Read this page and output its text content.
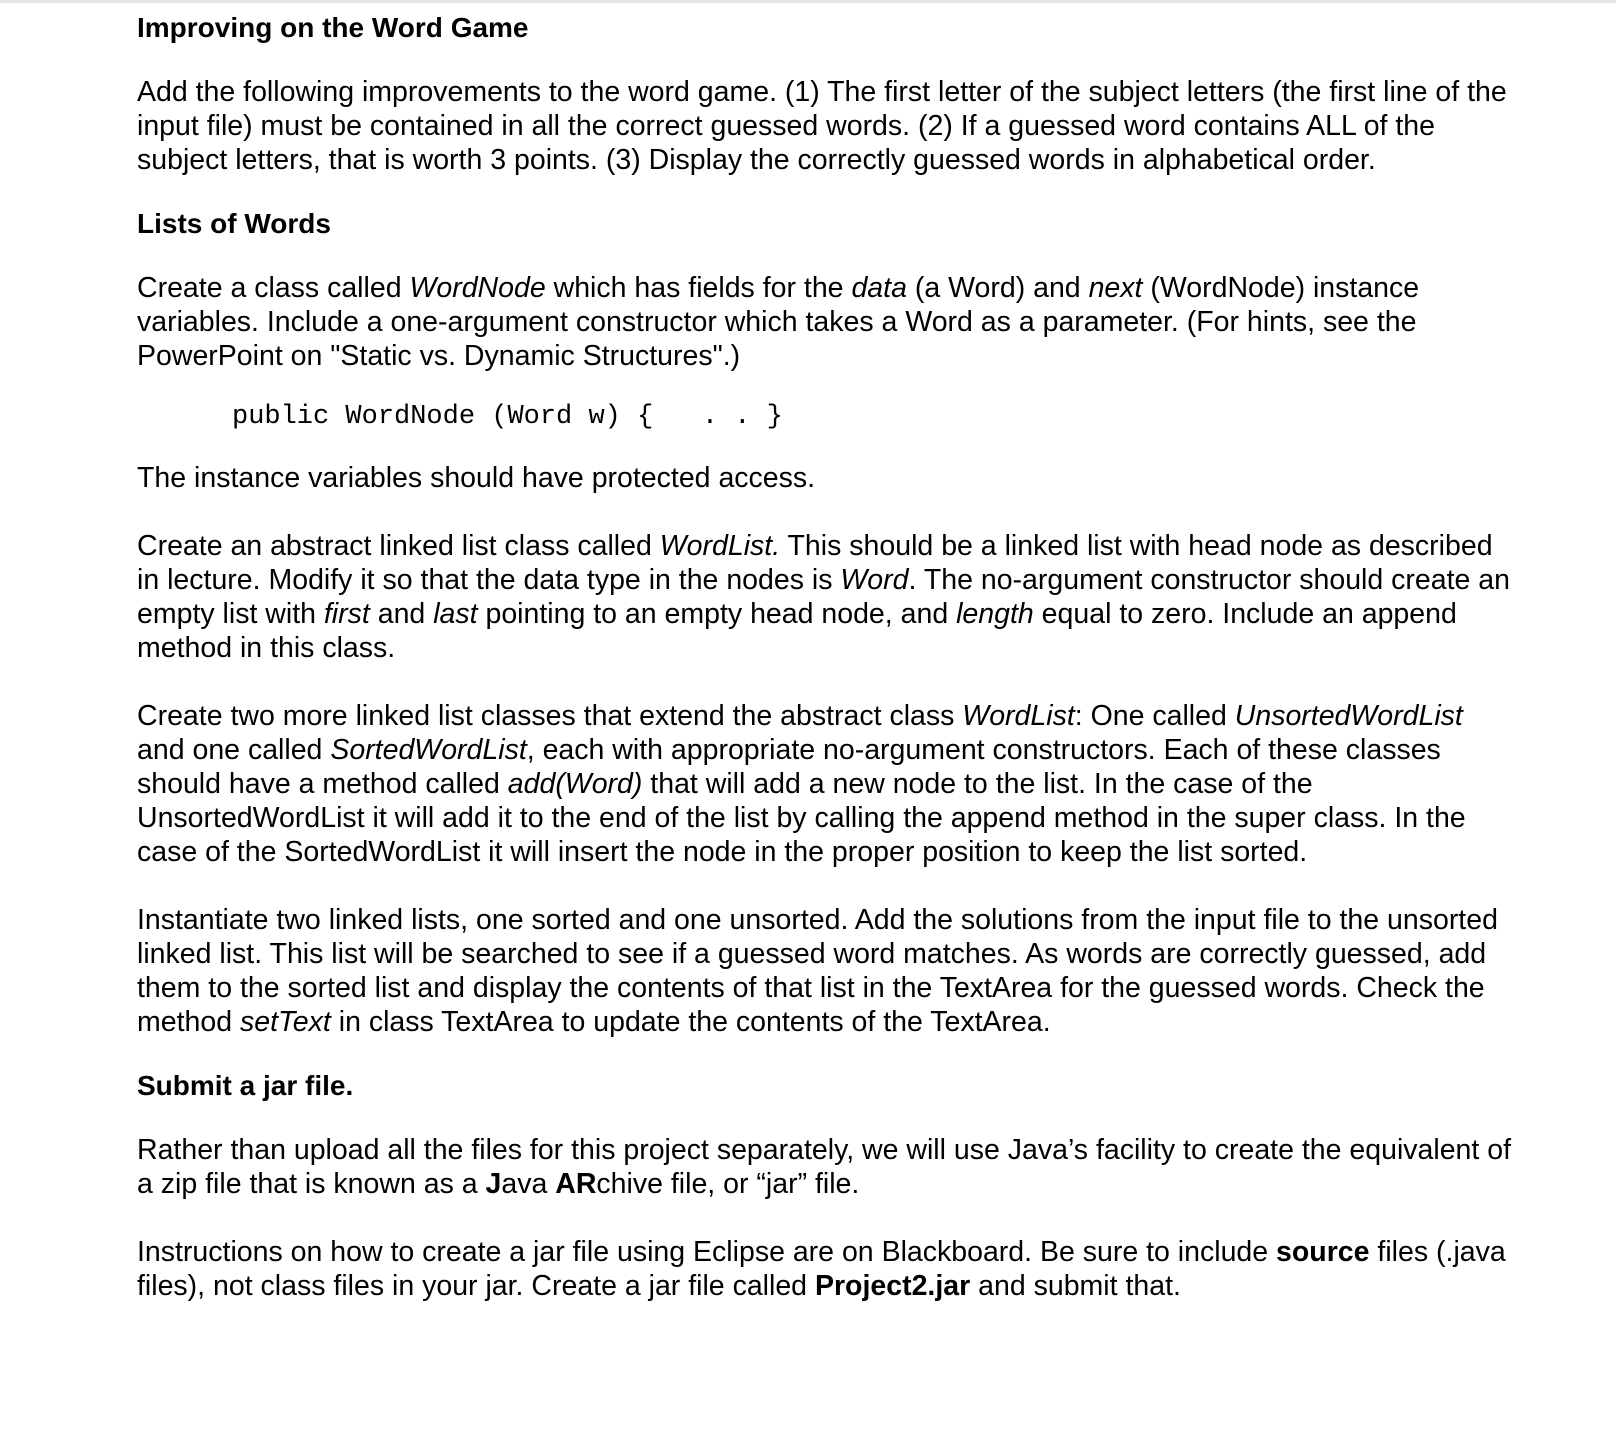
Improving on the Word Game

Add the following improvements to the word game. (1) The first letter of the subject letters (the first line of the input file) must be contained in all the correct guessed words. (2) If a guessed word contains ALL of the subject letters, that is worth 3 points. (3) Display the correctly guessed words in alphabetical order.

Lists of Words

Create a class called WordNode which has fields for the data (a Word) and next (WordNode) instance variables. Include a one-argument constructor which takes a Word as a parameter. (For hints, see the PowerPoint on "Static vs. Dynamic Structures".)

public WordNode (Word w) {   . . }

The instance variables should have protected access.

Create an abstract linked list class called WordList. This should be a linked list with head node as described in lecture. Modify it so that the data type in the nodes is Word. The no-argument constructor should create an empty list with first and last pointing to an empty head node, and length equal to zero. Include an append method in this class.

Create two more linked list classes that extend the abstract class WordList: One called UnsortedWordList and one called SortedWordList, each with appropriate no-argument constructors. Each of these classes should have a method called add(Word) that will add a new node to the list. In the case of the UnsortedWordList it will add it to the end of the list by calling the append method in the super class. In the case of the SortedWordList it will insert the node in the proper position to keep the list sorted.

Instantiate two linked lists, one sorted and one unsorted. Add the solutions from the input file to the unsorted linked list. This list will be searched to see if a guessed word matches. As words are correctly guessed, add them to the sorted list and display the contents of that list in the TextArea for the guessed words. Check the method setText in class TextArea to update the contents of the TextArea.

Submit a jar file.

Rather than upload all the files for this project separately, we will use Java’s facility to create the equivalent of a zip file that is known as a Java ARchive file, or “jar” file.

Instructions on how to create a jar file using Eclipse are on Blackboard. Be sure to include source files (.java files), not class files in your jar. Create a jar file called Project2.jar and submit that.
